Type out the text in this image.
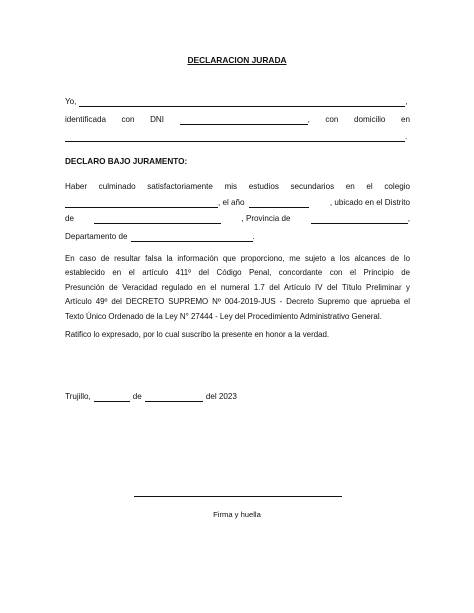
DECLARACION JURADA
Yo,	,
identificada con DNI	, con domicilio en
.
DECLARO BAJO JURAMENTO:
Haber culminado satisfactoriamente mis estudios secundarios en el colegio
, el año	, ubicado en el Distrito
de	, Provincia de	,
Departamento de	.
En caso de resultar falsa la información que proporciono, me sujeto a los alcances de lo
establecido en el artículo 411º del Código Penal, concordante con el Principio de
Presunción de Veracidad regulado en el numeral 1.7 del Artículo IV del Título Preliminar y
Artículo 49º del DECRETO SUPREMO Nº 004-2019-JUS - Decreto Supremo que aprueba el
Texto Único Ordenado de la Ley N° 27444 - Ley del Procedimiento Administrativo General.
Ratifico lo expresado, por lo cual suscribo la presente en honor a la verdad.
Trujillo,	de	del 2023
Firma y huella
